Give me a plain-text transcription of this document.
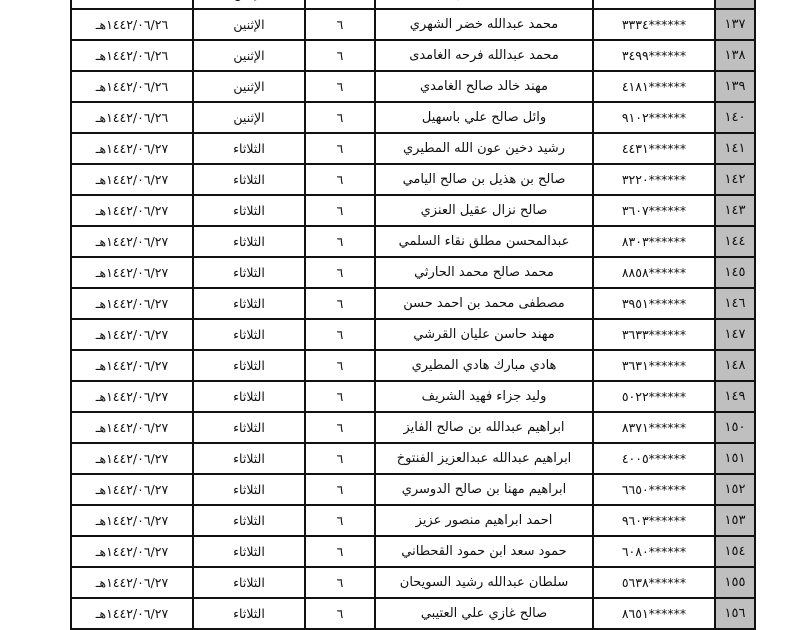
١٣٧	******٣٣٣٤	محمد عبدالله خضر الشهري	٦	الإثنين	١٤٤٢/٠٦/٢٦هـ
١٣٨	******٣٤٩٩	محمد عبدالله فرحه الغامدى	٦	الإثنين	١٤٤٢/٠٦/٢٦هـ
١٣٩	******٤١٨١	مهند خالد صالح الغامدي	٦	الإثنين	١٤٤٢/٠٦/٢٦هـ
١٤٠	******٩١٠٢	وائل صالح علي باسهيل	٦	الإثنين	١٤٤٢/٠٦/٢٦هـ
١٤١	******٤٤٣١	رشيد دخين عون الله المطيري	٦	الثلاثاء	١٤٤٢/٠٦/٢٧هـ
١٤٢	******٣٢٢٠	صالح بن هذيل بن صالح اليامي	٦	الثلاثاء	١٤٤٢/٠٦/٢٧هـ
١٤٣	******٣٦٠٧	صالح نزال عقيل العنزي	٦	الثلاثاء	١٤٤٢/٠٦/٢٧هـ
١٤٤	******٨٣٠٣	عبدالمحسن مطلق نقاء السلمي	٦	الثلاثاء	١٤٤٢/٠٦/٢٧هـ
١٤٥	******٨٨٥٨	محمد صالح محمد الحارثي	٦	الثلاثاء	١٤٤٢/٠٦/٢٧هـ
١٤٦	******٣٩٥١	مصطفى محمد بن احمد حسن	٦	الثلاثاء	١٤٤٢/٠٦/٢٧هـ
١٤٧	******٣٦٣٣	مهند حاسن عليان القرشي	٦	الثلاثاء	١٤٤٢/٠٦/٢٧هـ
١٤٨	******٣٦٣١	هادي مبارك هادي المطيري	٦	الثلاثاء	١٤٤٢/٠٦/٢٧هـ
١٤٩	******٥٠٢٢	وليد جزاء فهيد الشريف	٦	الثلاثاء	١٤٤٢/٠٦/٢٧هـ
١٥٠	******٨٣٧١	ابراهيم عبدالله بن صالح الفايز	٦	الثلاثاء	١٤٤٢/٠٦/٢٧هـ
١٥١	******٤٠٠٥	ابراهيم عبدالله عبدالعزيز الفنتوخ	٦	الثلاثاء	١٤٤٢/٠٦/٢٧هـ
١٥٢	******٦٦٥٠	ابراهيم مهنا بن صالح الدوسري	٦	الثلاثاء	١٤٤٢/٠٦/٢٧هـ
١٥٣	******٩٦٠٣	احمد ابراهيم منصور عزيز	٦	الثلاثاء	١٤٤٢/٠٦/٢٧هـ
١٥٤	******٦٠٨٠	حمود سعد ابن حمود القحطاني	٦	الثلاثاء	١٤٤٢/٠٦/٢٧هـ
١٥٥	******٥٦٣٨	سلطان عبدالله رشيد السويحان	٦	الثلاثاء	١٤٤٢/٠٦/٢٧هـ
١٥٦	******٨٦٥١	صالح غازي علي العتيبي	٦	الثلاثاء	١٤٤٢/٠٦/٢٧هـ
